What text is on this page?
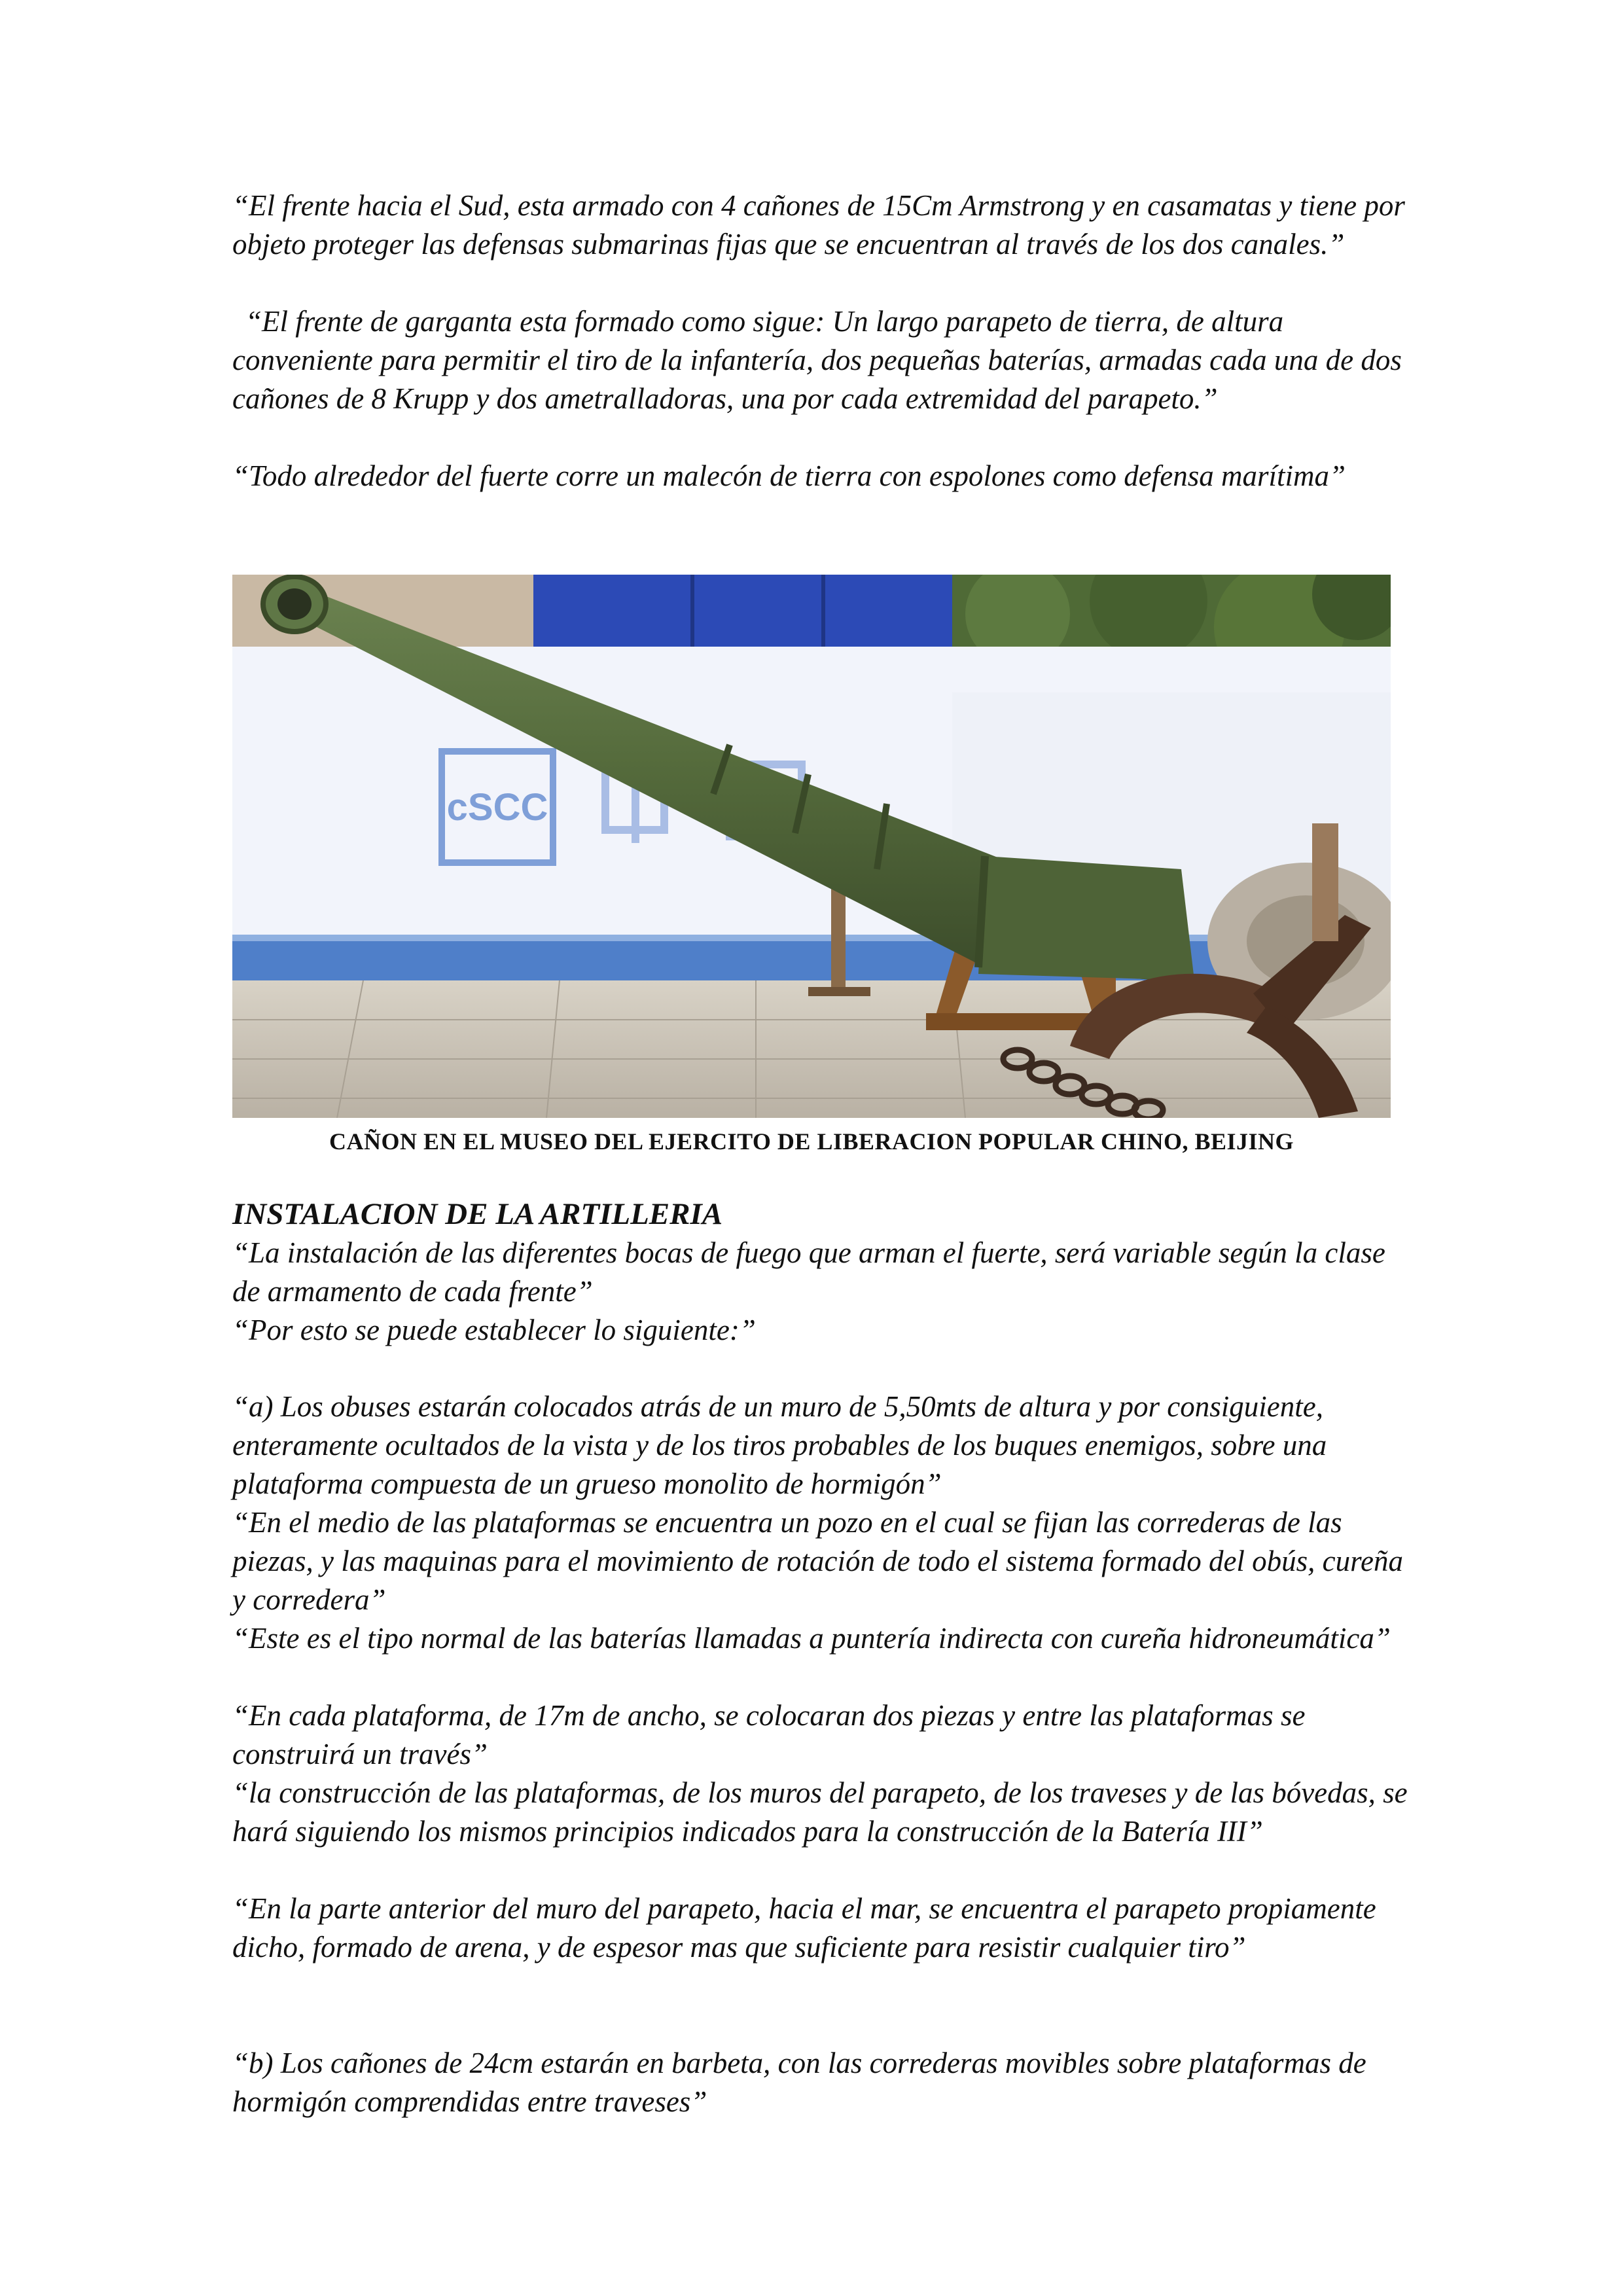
“El frente hacia el Sud, esta armado con 4 cañones de 15Cm Armstrong y en casamatas y tiene por objeto proteger las defensas submarinas fijas que se encuentran al través de los dos canales.”

“El frente de garganta esta formado como sigue: Un largo parapeto de tierra, de altura conveniente para permitir el tiro de la infantería, dos pequeñas baterías, armadas cada una de dos cañones de 8 Krupp y dos ametralladoras, una por cada extremidad del parapeto.”

“Todo alrededor del fuerte corre un malecón de tierra con espolones como defensa marítima”

cSCC
CAÑON EN EL MUSEO DEL EJERCITO DE LIBERACION POPULAR CHINO, BEIJING
INSTALACION DE LA ARTILLERIA

“La instalación de las diferentes bocas de fuego que arman el fuerte, será variable según la clase de armamento de cada frente”

“Por esto se puede establecer lo siguiente:”

“a) Los obuses estarán colocados atrás de un muro de 5,50mts de altura y por consiguiente, enteramente ocultados de la vista y de los tiros probables de los buques enemigos, sobre una plataforma compuesta de un grueso monolito de hormigón”

“En el medio de las plataformas se encuentra un pozo en el cual se fijan las correderas de las piezas, y las maquinas para el movimiento de rotación de todo el sistema formado del obús, cureña y corredera”

“Este es el tipo normal de las baterías llamadas a puntería indirecta con cureña hidroneumática”

“En cada plataforma, de 17m de ancho, se colocaran dos piezas y entre las plataformas se construirá un través”

“la construcción de las plataformas, de los muros del parapeto, de los traveses y de las bóvedas, se hará siguiendo los mismos principios indicados para la construcción de la Batería III”

“En la parte anterior del muro del parapeto, hacia el mar, se encuentra el parapeto propiamente dicho, formado de arena, y de espesor mas que suficiente para resistir cualquier tiro”

“b) Los cañones de 24cm estarán en barbeta, con las correderas movibles sobre plataformas de hormigón comprendidas entre traveses”
